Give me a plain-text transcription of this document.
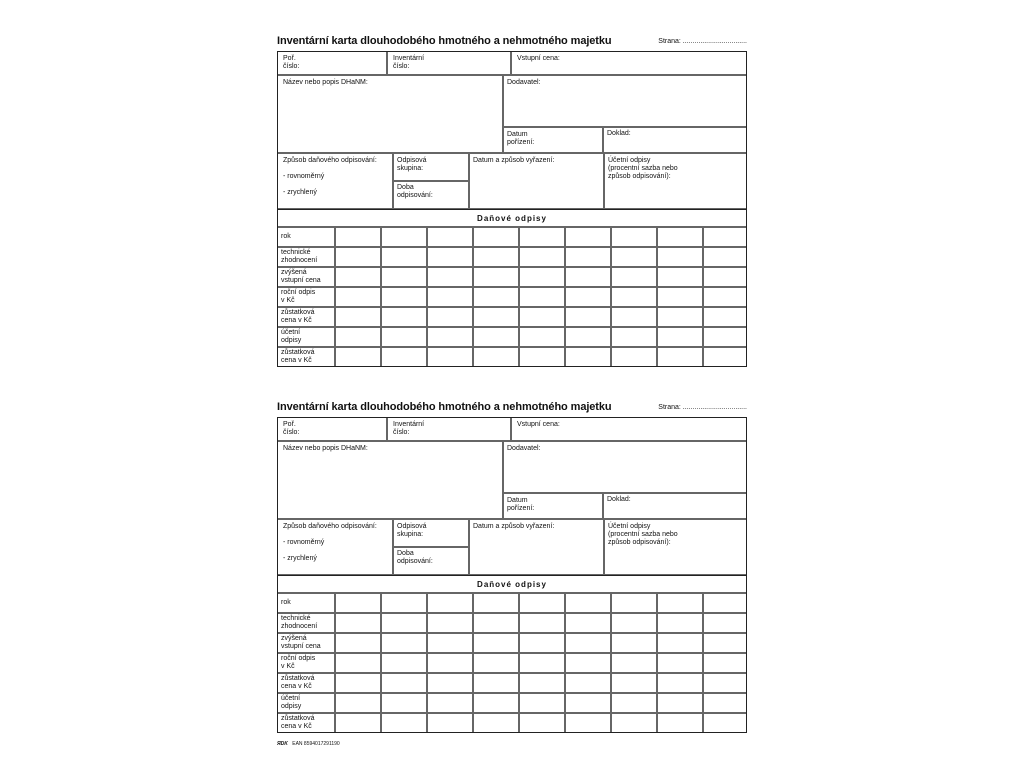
Inventární karta dlouhodobého hmotného a nehmotného majetku	Strana: .................................
Poř.
číslo:
Inventární
číslo:
Vstupní cena:
Název nebo popis DHaNM:	Dodavatel:
Datum
pořízení:
Doklad:
Způsob daňového odpisování:
- rovnoměrný
- zrychlený
Odpisová
skupina:
Doba
odpisování:
Datum a způsob vyřazení:	Účetní odpisy
(procentní sazba nebo
způsob odpisování):
Daňové odpisy
rok
technické
zhodnocení
zvýšená
vstupní cena
roční odpis
v Kč
zůstatková
cena v Kč
účetní
odpisy
zůstatková
cena v Kč
Inventární karta dlouhodobého hmotného a nehmotného majetku	Strana: .................................
Poř.
číslo:
Inventární
číslo:
Vstupní cena:
Název nebo popis DHaNM:	Dodavatel:
Datum
pořízení:
Doklad:
Způsob daňového odpisování:
- rovnoměrný
- zrychlený
Odpisová
skupina:
Doba
odpisování:
Datum a způsob vyřazení:	Účetní odpisy
(procentní sazba nebo
způsob odpisování):
Daňové odpisy
rok
technické
zhodnocení
zvýšená
vstupní cena
roční odpis
v Kč
zůstatková
cena v Kč
účetní
odpisy
zůstatková
cena v Kč
ЯDK EAN 8594017291190
